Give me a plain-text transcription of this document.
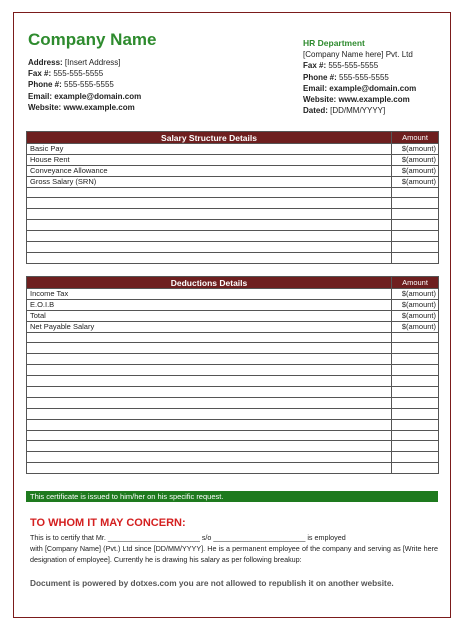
Company Name
Address: [Insert Address]
Fax #: 555-555-5555
Phone #: 555-555-5555
Email: example@domain.com
Website: www.example.com
HR Department
[Company Name here] Pvt. Ltd
Fax #: 555-555-5555
Phone #: 555-555-5555
Email: example@domain.com
Website: www.example.com
Dated: [DD/MM/YYYY]
Salary Structure Details	Amount
Basic Pay	$(amount)
House Rent	$(amount)
Conveyance Allowance	$(amount)
Gross Salary (SRN)	$(amount)

Deductions Details	Amount
Income Tax	$(amount)
E.O.I.B	$(amount)
Total	$(amount)
Net Payable Salary	$(amount)

This certificate is issued to him/her on his specific request.
TO WHOM IT MAY CONCERN:
This is to certify that Mr. _______________________ s/o _______________________ is employed
with [Company Name] (Pvt.) Ltd since [DD/MM/YYYY]. He is a permanent employee of the company and serving as [Write here designation of employee]. Currently he is drawing his salary as per following breakup:
Document is powered by dotxes.com you are not allowed to republish it on another website.
